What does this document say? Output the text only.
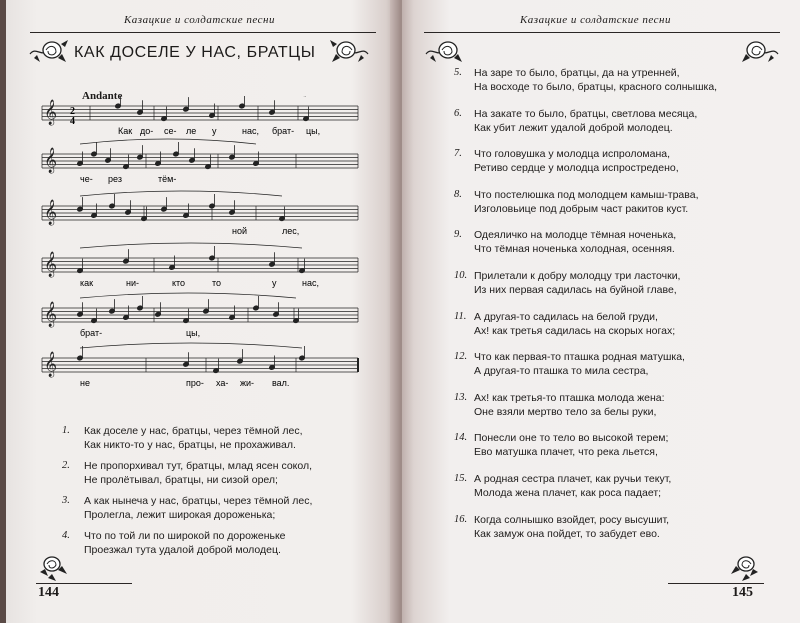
Казацкие и солдатские песни
КАК ДОСЕЛЕ У НАС, БРАТЦЫ
Andante
𝄞
𝄞
𝄞
𝄞
𝄞
𝄞
2
4
Как до- се- ле у	нас, брат- цы,
че- рез	тём-
ной	лес,
как	ни-	кто	то	у	нас,
брат-	цы,
не	про- ха- жи- вал.
1. Как доселе у нас, братцы, через тёмной лес,
Как никто-то у нас, братцы, не прохаживал.
2. Не пропорхивал тут, братцы, млад ясен сокол,
Не пролётывал, братцы, ни сизой орел;
3. А как нынеча у нас, братцы, через тёмной лес,
Пролегла, лежит широкая дороженька;
4. Что по той ли по широкой по дороженьке
Проезжал тута удалой доброй молодец.
144
Казацкие и солдатские песни
5. На заре то было, братцы, да на утренней,
На восходе то было, братцы, красного солнышка,
6. На закате то было, братцы, светлова месяца,
Как убит лежит удалой доброй молодец.
7. Что головушка у молодца испроломана,
Ретиво сердце у молодца испростредено,
8. Что постелюшка под молодцем камыш-трава,
Изголовьице под добрым част ракитов куст.
9. Одеяличко на молодце тёмная ноченька,
Что тёмная ноченька холодная, осенняя.
10. Прилетали к добру молодцу три ласточки,
Из них первая садилась на буйной главе,
11. А другая-то садилась на белой груди,
Ах! как третья садилась на скорых ногах;
12. Что как первая-то пташка родная матушка,
А другая-то пташка то мила сестра,
13. Ах! как третья-то пташка молода жена:
Оне взяли мертво тело за белы руки,
14. Понесли оне то тело во высокой терем;
Ево матушка плачет, что река льется,
15. А родная сестра плачет, как ручьи текут,
Молода жена плачет, как роса падает;
16. Когда солнышко взойдет, росу высушит,
Как замуж она пойдет, то забудет ево.
145
